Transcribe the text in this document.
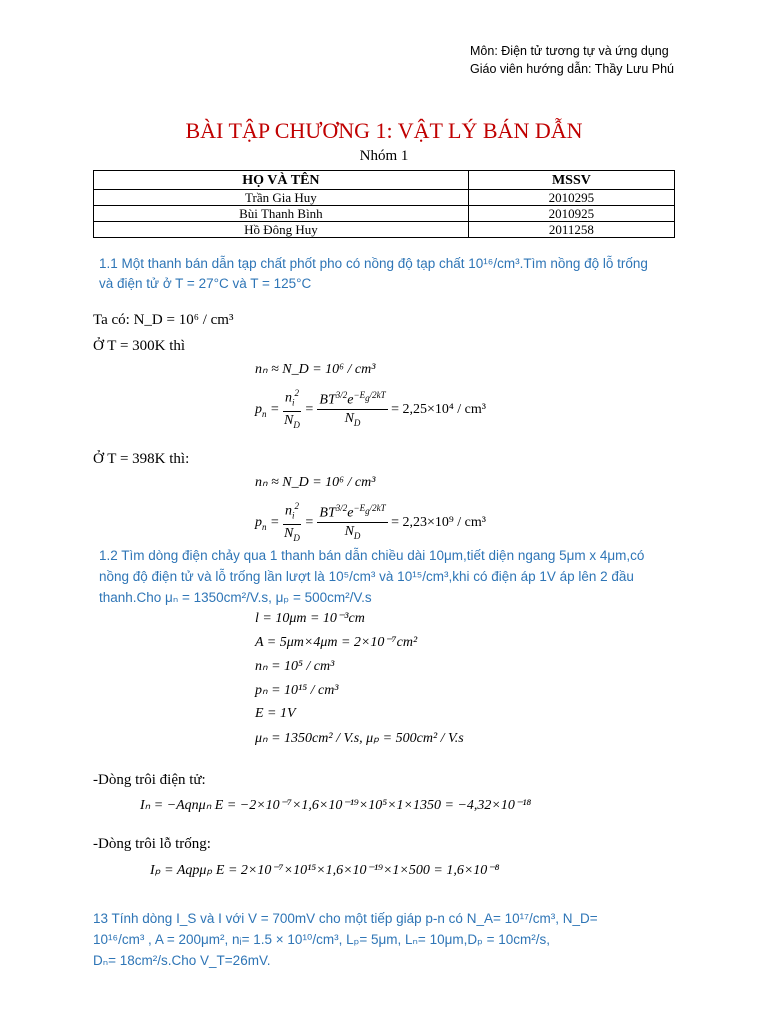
Môn: Điện tử tương tự và ứng dụng
Giáo viên hướng dẫn: Thầy Lưu Phú
BÀI TẬP CHƯƠNG 1: VẬT LÝ BÁN DẪN
Nhóm 1
HỌ VÀ TÊN	MSSV
Trần Gia Huy	2010295
Bùi Thanh Bình	2010925
Hồ Đông Huy	2011258
1.1 Một thanh bán dẫn tạp chất phốt pho có nồng độ tạp chất 10¹⁶/cm³.Tìm nồng độ lỗ trống
và điện tử ở T = 27°C và T = 125°C
Ta có: N_D = 10⁶ / cm³
Ở T = 300K thì
nₙ ≈ N_D = 10⁶ / cm³
$p_n = \frac{n_i^2}{N_D} = \frac{BT^{3/2}e^{-E_g/2kT}}{N_D} = 2,25\times 10^4 / cm^3$
Ở T = 398K thì:
nₙ ≈ N_D = 10⁶ / cm³
$p_n = \frac{n_i^2}{N_D} = \frac{BT^{3/2}e^{-E_g/2kT}}{N_D} = 2,23\times 10^9 / cm^3$
1.2 Tìm dòng điện chảy qua 1 thanh bán dẫn chiều dài 10μm,tiết diện ngang 5μm x 4μm,có
nồng độ điện tử và lỗ trống lần lượt là 10⁵/cm³ và 10¹⁵/cm³,khi có điện áp 1V áp lên 2 đầu
thanh.Cho μₙ = 1350cm²/V.s, μₚ = 500cm²/V.s
l = 10μm = 10⁻³cm
A = 5μm×4μm = 2×10⁻⁷cm²
nₙ = 10⁵ / cm³
pₙ = 10¹⁵ / cm³
E = 1V
μₙ = 1350cm² / V.s, μₚ = 500cm² / V.s
-Dòng trôi điện tử:
Iₙ = −Aqnμₙ E = −2×10⁻⁷×1,6×10⁻¹⁹×10⁵×1×1350 = −4,32×10⁻¹⁸
-Dòng trôi lỗ trống:
Iₚ = Aqpμₚ E = 2×10⁻⁷×10¹⁵×1,6×10⁻¹⁹×1×500 = 1,6×10⁻⁸
13 Tính dòng I_S và I với V = 700mV cho một tiếp giáp p-n có N_A= 10¹⁷/cm³, N_D=
10¹⁶/cm³ , A = 200μm², nᵢ= 1.5 × 10¹⁰/cm³, Lₚ= 5μm, Lₙ= 10μm,Dₚ = 10cm²/s,
Dₙ= 18cm²/s.Cho V_T=26mV.
